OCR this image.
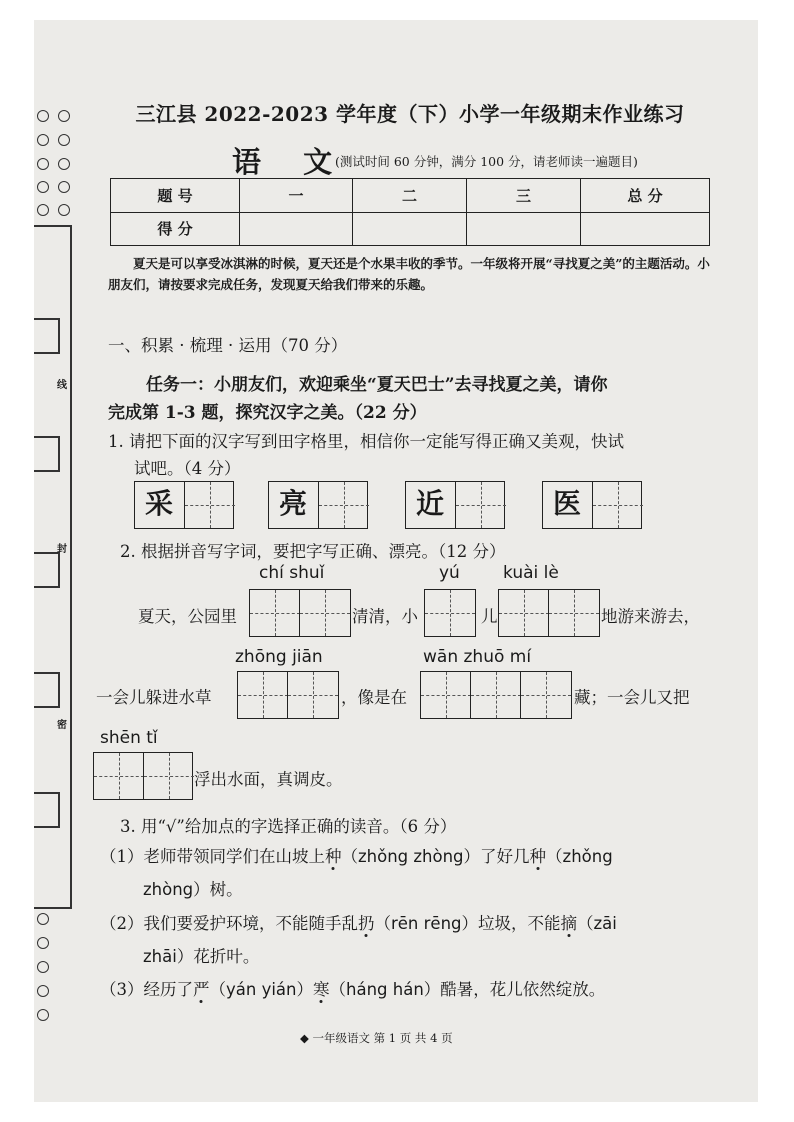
线
封
密
三江县 2022-2023 学年度（下）小学一年级期末作业练习
语 文
(测试时间 60 分钟，满分 100 分，请老师读一遍题目)
题 号	一	二	三	总 分
得 分				
夏天是可以享受冰淇淋的时候，夏天还是个水果丰收的季节。一年级将开展“寻找夏之美”的主题活动。小朋友们，请按要求完成任务，发现夏天给我们带来的乐趣。
一、积累 · 梳理 · 运用（70 分）
任务一：小朋友们，欢迎乘坐“夏天巴士”去寻找夏之美，请你
完成第 1-3 题，探究汉字之美。（22 分）
1. 请把下面的汉字写到田字格里，相信你一定能写得正确又美观，快试
试吧。（4 分）
采	亮	近	医
2. 根据拼音写字词，要把字写正确、漂亮。（12 分）
chí shuǐ	yú	kuài lè
夏天，公园里	清清，小	儿	地游来游去，
zhōng jiān	wān zhuō mí
一会儿躲进水草	，像是在	藏；一会儿又把
shēn tǐ
浮出水面，真调皮。
3. 用“√”给加点的字选择正确的读音。（6 分）
（1）老师带领同学们在山坡上种（zhǒng zhòng）了好几种（zhǒng
zhòng）树。
（2）我们要爱护环境，不能随手乱扔（rēn rēng）垃圾，不能摘（zāi
zhāi）花折叶。
（3）经历了严（yán yián）寒（háng hán）酷暑，花儿依然绽放。
◆ 一年级语文 第 1 页 共 4 页
